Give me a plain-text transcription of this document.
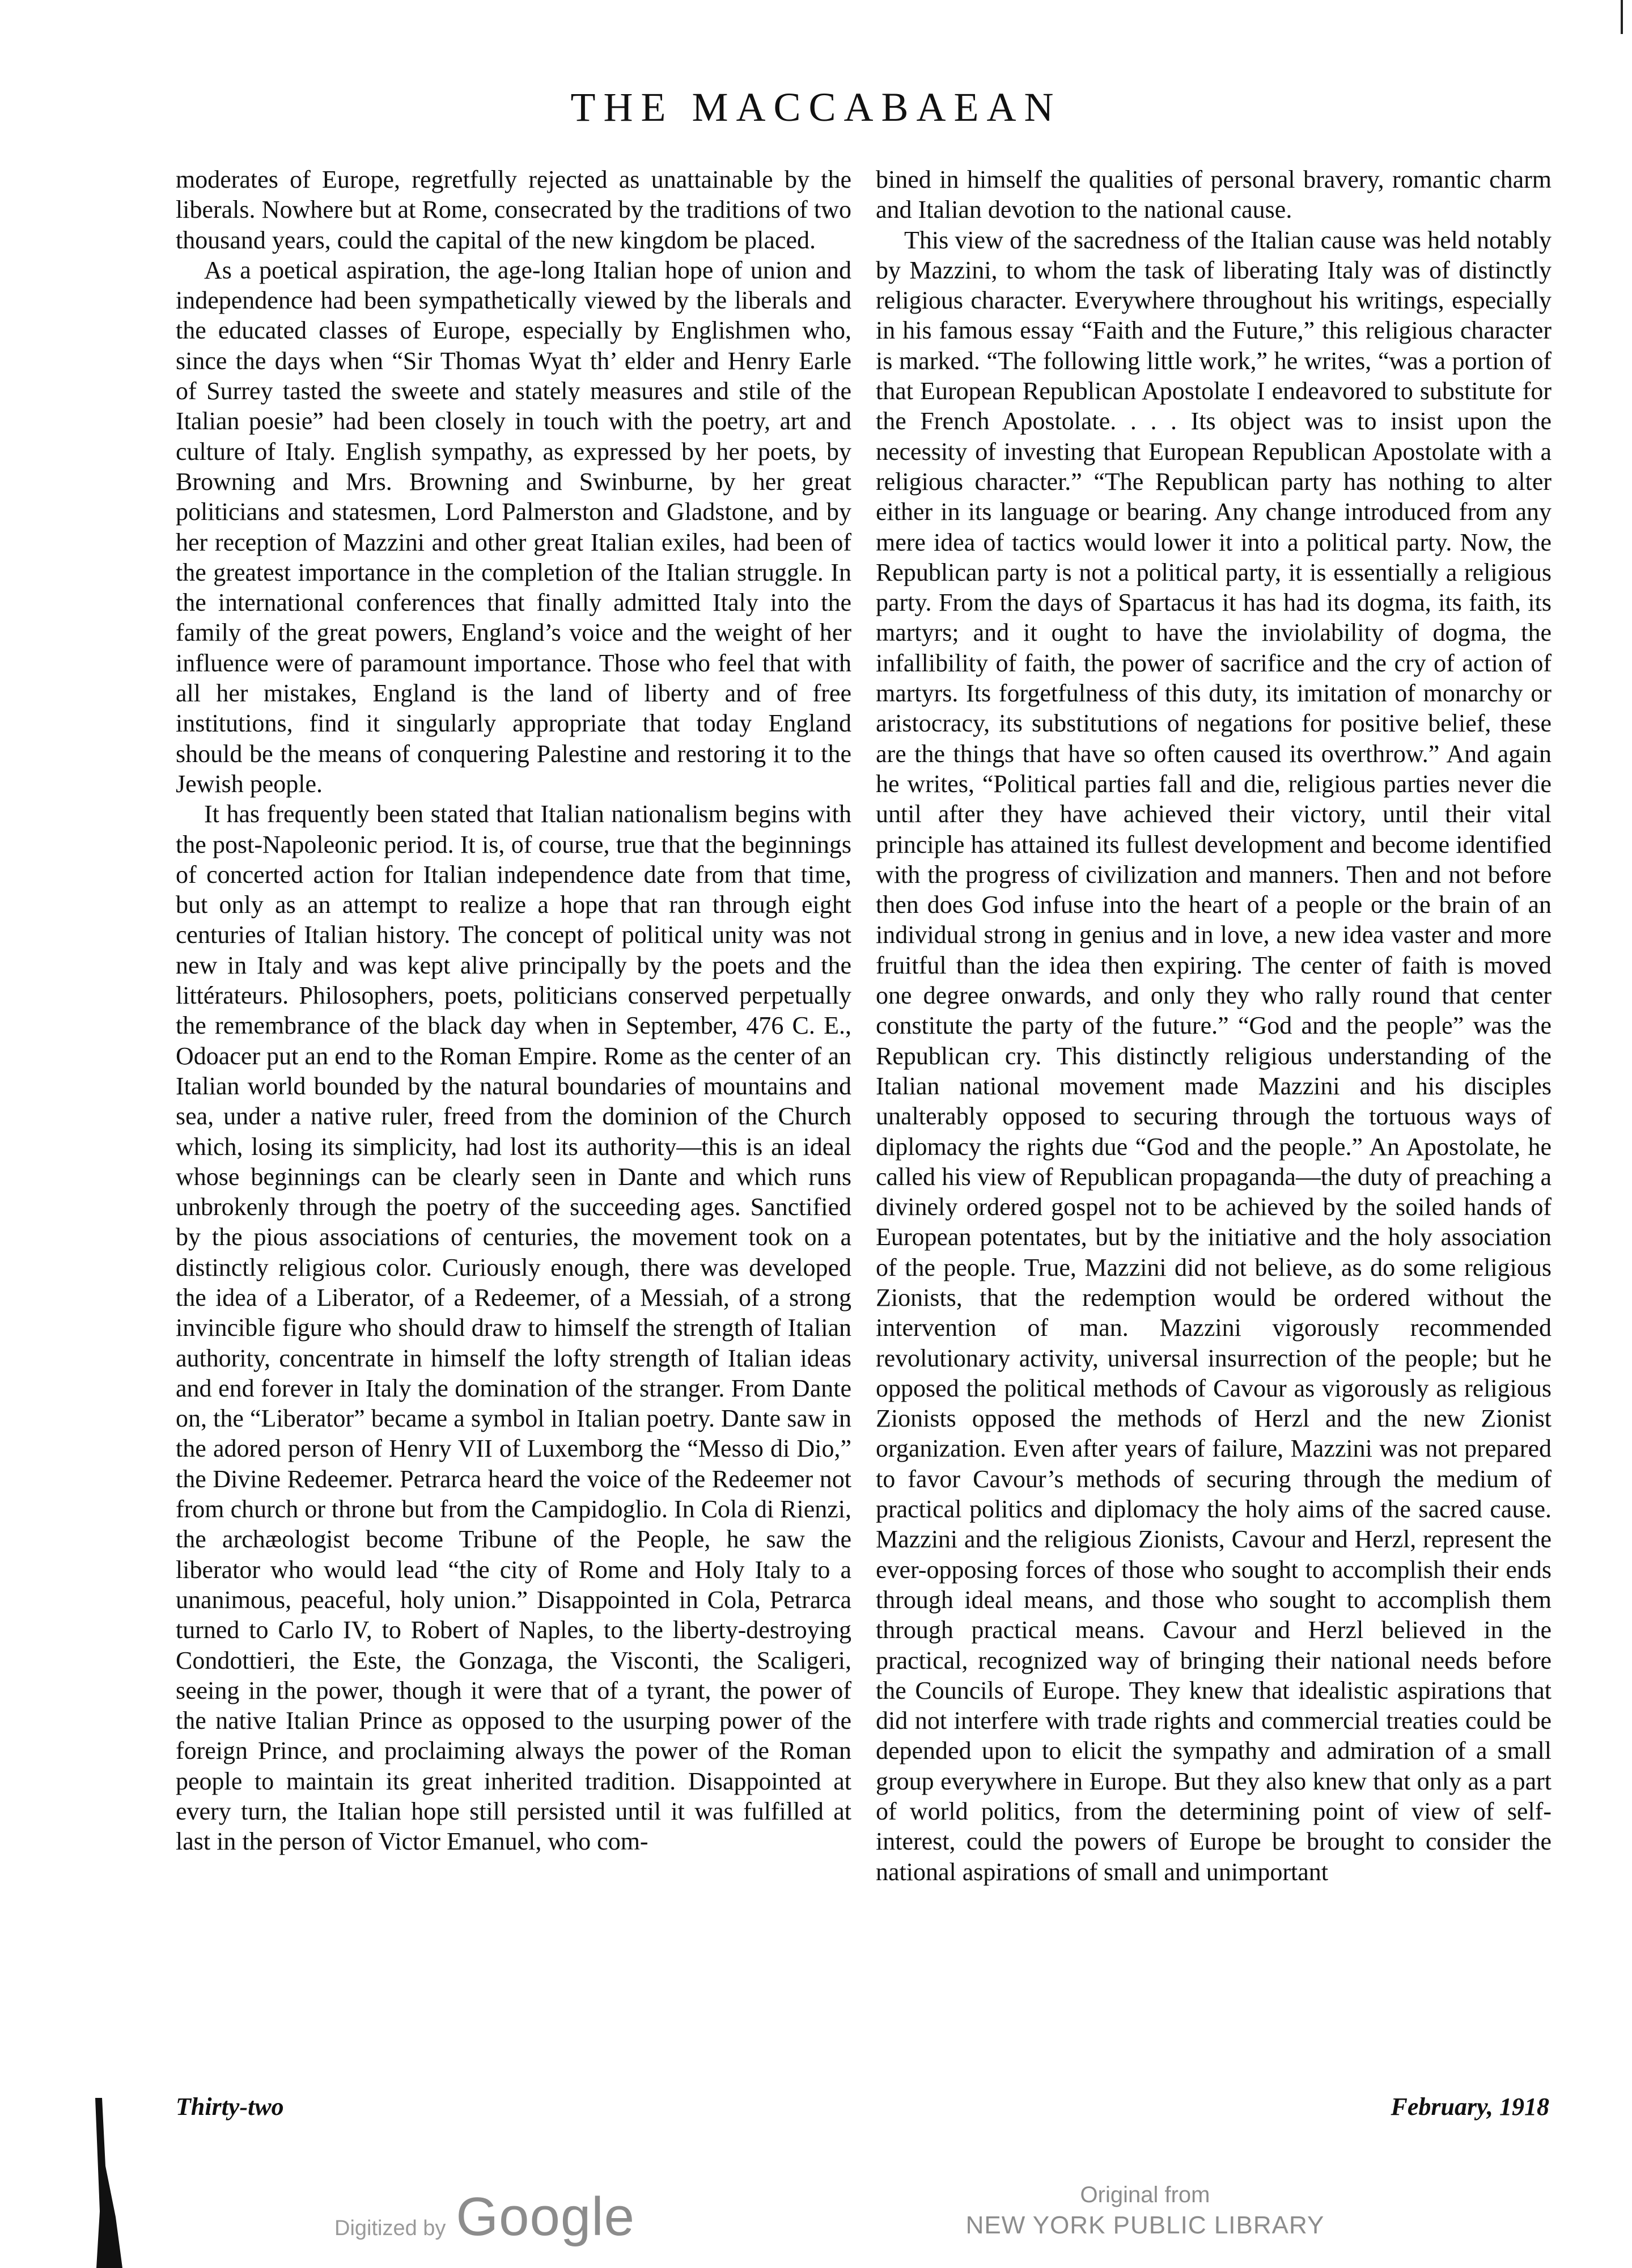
THE MACCABAEAN

moderates of Europe, regretfully rejected as unattainable by the liberals. Nowhere but at Rome, consecrated by the traditions of two thousand years, could the capital of the new kingdom be placed.

As a poetical aspiration, the age-long Italian hope of union and independence had been sympathetically viewed by the liberals and the educated classes of Europe, especially by Englishmen who, since the days when “Sir Thomas Wyat th’ elder and Henry Earle of Surrey tasted the sweete and stately measures and stile of the Italian poesie” had been closely in touch with the poetry, art and culture of Italy. English sympathy, as expressed by her poets, by Browning and Mrs. Browning and Swinburne, by her great politicians and statesmen, Lord Palmerston and Gladstone, and by her reception of Mazzini and other great Italian exiles, had been of the greatest importance in the completion of the Italian struggle. In the international conferences that finally admitted Italy into the family of the great powers, England’s voice and the weight of her influence were of paramount importance. Those who feel that with all her mistakes, England is the land of liberty and of free institutions, find it singularly appropriate that today England should be the means of conquering Palestine and restoring it to the Jewish people.

It has frequently been stated that Italian nationalism begins with the post-Napoleonic period. It is, of course, true that the beginnings of concerted action for Italian independence date from that time, but only as an attempt to realize a hope that ran through eight centuries of Italian history. The concept of political unity was not new in Italy and was kept alive principally by the poets and the littérateurs. Philosophers, poets, politicians conserved perpetually the remembrance of the black day when in September, 476 C. E., Odoacer put an end to the Roman Empire. Rome as the center of an Italian world bounded by the natural boundaries of mountains and sea, under a native ruler, freed from the dominion of the Church which, losing its simplicity, had lost its authority—this is an ideal whose beginnings can be clearly seen in Dante and which runs unbrokenly through the poetry of the succeeding ages. Sanctified by the pious associations of centuries, the movement took on a distinctly religious color. Curiously enough, there was developed the idea of a Liberator, of a Redeemer, of a Messiah, of a strong invincible figure who should draw to himself the strength of Italian authority, concentrate in himself the lofty strength of Italian ideas and end forever in Italy the domination of the stranger. From Dante on, the “Liberator” became a symbol in Italian poetry. Dante saw in the adored person of Henry VII of Luxemborg the “Messo di Dio,” the Divine Redeemer. Petrarca heard the voice of the Redeemer not from church or throne but from the Campidoglio. In Cola di Rienzi, the archæologist become Tribune of the People, he saw the liberator who would lead “the city of Rome and Holy Italy to a unanimous, peaceful, holy union.” Disappointed in Cola, Petrarca turned to Carlo IV, to Robert of Naples, to the liberty-destroying Condottieri, the Este, the Gonzaga, the Visconti, the Scaligeri, seeing in the power, though it were that of a tyrant, the power of the native Italian Prince as opposed to the usurping power of the foreign Prince, and proclaiming always the power of the Roman people to maintain its great inherited tradition. Disappointed at every turn, the Italian hope still persisted until it was fulfilled at last in the person of Victor Emanuel, who com-

bined in himself the qualities of personal bravery, romantic charm and Italian devotion to the national cause.

This view of the sacredness of the Italian cause was held notably by Mazzini, to whom the task of liberating Italy was of distinctly religious character. Everywhere throughout his writings, especially in his famous essay “Faith and the Future,” this religious character is marked. “The following little work,” he writes, “was a portion of that European Republican Apostolate I endeavored to substitute for the French Apostolate. . . . Its object was to insist upon the necessity of investing that European Republican Apostolate with a religious character.” “The Republican party has nothing to alter either in its language or bearing. Any change introduced from any mere idea of tactics would lower it into a political party. Now, the Republican party is not a political party, it is essentially a religious party. From the days of Spartacus it has had its dogma, its faith, its martyrs; and it ought to have the inviolability of dogma, the infallibility of faith, the power of sacrifice and the cry of action of martyrs. Its forgetfulness of this duty, its imitation of monarchy or aristocracy, its substitutions of negations for positive belief, these are the things that have so often caused its overthrow.” And again he writes, “Political parties fall and die, religious parties never die until after they have achieved their victory, until their vital principle has attained its fullest development and become identified with the progress of civilization and manners. Then and not before then does God infuse into the heart of a people or the brain of an individual strong in genius and in love, a new idea vaster and more fruitful than the idea then expiring. The center of faith is moved one degree onwards, and only they who rally round that center constitute the party of the future.” “God and the people” was the Republican cry. This distinctly religious understanding of the Italian national movement made Mazzini and his disciples unalterably opposed to securing through the tortuous ways of diplomacy the rights due “God and the people.” An Apostolate, he called his view of Republican propaganda—the duty of preaching a divinely ordered gospel not to be achieved by the soiled hands of European potentates, but by the initiative and the holy association of the people. True, Mazzini did not believe, as do some religious Zionists, that the redemption would be ordered without the intervention of man. Mazzini vigorously recommended revolutionary activity, universal insurrection of the people; but he opposed the political methods of Cavour as vigorously as religious Zionists opposed the methods of Herzl and the new Zionist organization. Even after years of failure, Mazzini was not prepared to favor Cavour’s methods of securing through the medium of practical politics and diplomacy the holy aims of the sacred cause. Mazzini and the religious Zionists, Cavour and Herzl, represent the ever-opposing forces of those who sought to accomplish their ends through ideal means, and those who sought to accomplish them through practical means. Cavour and Herzl believed in the practical, recognized way of bringing their national needs before the Councils of Europe. They knew that idealistic aspirations that did not interfere with trade rights and commercial treaties could be depended upon to elicit the sympathy and admiration of a small group everywhere in Europe. But they also knew that only as a part of world politics, from the determining point of view of self-interest, could the powers of Europe be brought to consider the national aspirations of small and unimportant

Thirty-two	February, 1918
Digitized by Google	Original from
NEW YORK PUBLIC LIBRARY
